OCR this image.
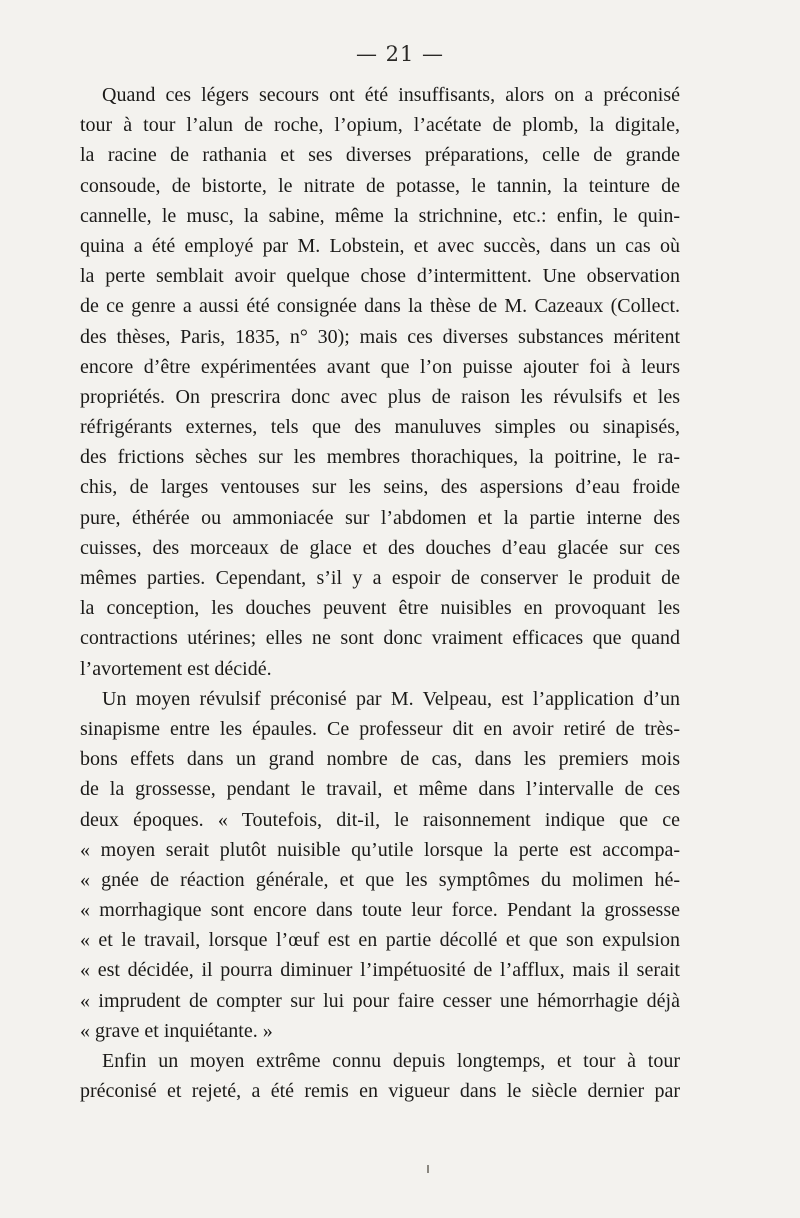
— 21 —
Quand ces légers secours ont été insuffisants, alors on a préconisé
tour à tour l’alun de roche, l’opium, l’acétate de plomb, la digitale,
la racine de rathania et ses diverses préparations, celle de grande
consoude, de bistorte, le nitrate de potasse, le tannin, la teinture de
cannelle, le musc, la sabine, même la strichnine, etc.: enfin, le quin-
quina a été employé par M. Lobstein, et avec succès, dans un cas où
la perte semblait avoir quelque chose d’intermittent. Une observation
de ce genre a aussi été consignée dans la thèse de M. Cazeaux (Collect.
des thèses, Paris, 1835, n° 30); mais ces diverses substances méritent
encore d’être expérimentées avant que l’on puisse ajouter foi à leurs
propriétés. On prescrira donc avec plus de raison les révulsifs et les
réfrigérants externes, tels que des manuluves simples ou sinapisés,
des frictions sèches sur les membres thorachiques, la poitrine, le ra-
chis, de larges ventouses sur les seins, des aspersions d’eau froide
pure, éthérée ou ammoniacée sur l’abdomen et la partie interne des
cuisses, des morceaux de glace et des douches d’eau glacée sur ces
mêmes parties. Cependant, s’il y a espoir de conserver le produit de
la conception, les douches peuvent être nuisibles en provoquant les
contractions utérines; elles ne sont donc vraiment efficaces que quand
l’avortement est décidé.
Un moyen révulsif préconisé par M. Velpeau, est l’application d’un
sinapisme entre les épaules. Ce professeur dit en avoir retiré de très-
bons effets dans un grand nombre de cas, dans les premiers mois
de la grossesse, pendant le travail, et même dans l’intervalle de ces
deux époques. « Toutefois, dit-il, le raisonnement indique que ce
« moyen serait plutôt nuisible qu’utile lorsque la perte est accompa-
« gnée de réaction générale, et que les symptômes du molimen hé-
« morrhagique sont encore dans toute leur force. Pendant la grossesse
« et le travail, lorsque l’œuf est en partie décollé et que son expulsion
« est décidée, il pourra diminuer l’impétuosité de l’afflux, mais il serait
« imprudent de compter sur lui pour faire cesser une hémorrhagie déjà
« grave et inquiétante. »
Enfin un moyen extrême connu depuis longtemps, et tour à tour
préconisé et rejeté, a été remis en vigueur dans le siècle dernier par
